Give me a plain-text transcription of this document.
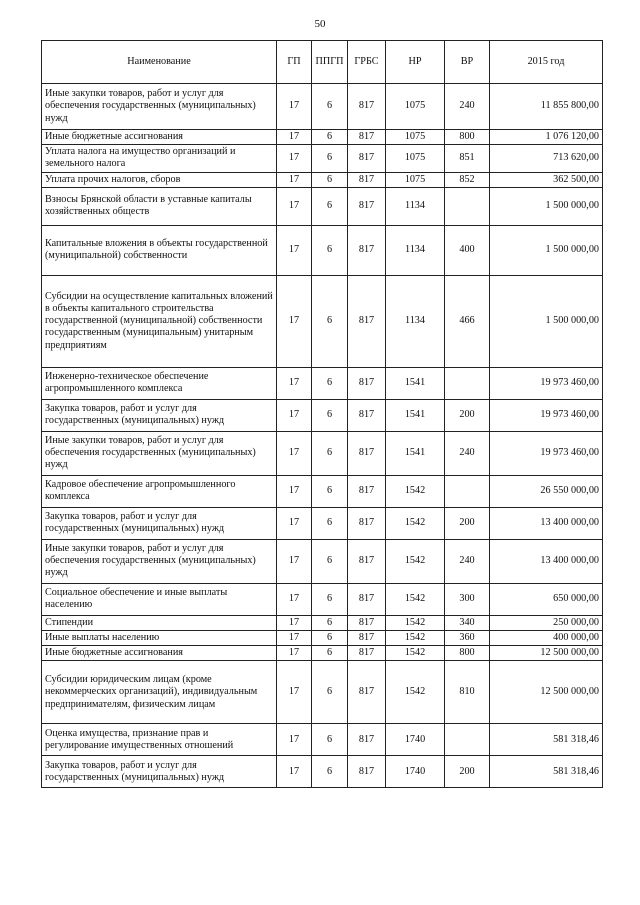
50
Наименование	ГП	ППГП	ГРБС	НР	ВР	2015 год
Иные закупки товаров, работ и услуг для обеспечения государственных (муниципальных) нужд	17	6	817	1075	240	11 855 800,00
Иные бюджетные ассигнования	17	6	817	1075	800	1 076 120,00
Уплата налога на имущество организаций и земельного налога	17	6	817	1075	851	713 620,00
Уплата прочих налогов, сборов	17	6	817	1075	852	362 500,00
Взносы Брянской области в уставные капиталы хозяйственных обществ	17	6	817	1134		1 500 000,00
Капитальные вложения в объекты государственной (муниципальной) собственности	17	6	817	1134	400	1 500 000,00
Субсидии на осуществление капитальных вложений в объекты капитального строительства государственной (муниципальной) собственности государственным (муниципальным) унитарным предприятиям	17	6	817	1134	466	1 500 000,00
Инженерно-техническое обеспечение агропромышленного комплекса	17	6	817	1541		19 973 460,00
Закупка товаров, работ и услуг для государственных (муниципальных) нужд	17	6	817	1541	200	19 973 460,00
Иные закупки товаров, работ и услуг для обеспечения государственных (муниципальных) нужд	17	6	817	1541	240	19 973 460,00
Кадровое обеспечение агропромышленного комплекса	17	6	817	1542		26 550 000,00
Закупка товаров, работ и услуг для государственных (муниципальных) нужд	17	6	817	1542	200	13 400 000,00
Иные закупки товаров, работ и услуг для обеспечения государственных (муниципальных) нужд	17	6	817	1542	240	13 400 000,00
Социальное обеспечение и иные выплаты населению	17	6	817	1542	300	650 000,00
Стипендии	17	6	817	1542	340	250 000,00
Иные выплаты населению	17	6	817	1542	360	400 000,00
Иные бюджетные ассигнования	17	6	817	1542	800	12 500 000,00
Субсидии юридическим лицам (кроме некоммерческих организаций), индивидуальным предпринимателям, физическим лицам	17	6	817	1542	810	12 500 000,00
Оценка имущества, признание прав и регулирование имущественных отношений	17	6	817	1740		581 318,46
Закупка товаров, работ и услуг для государственных (муниципальных) нужд	17	6	817	1740	200	581 318,46
